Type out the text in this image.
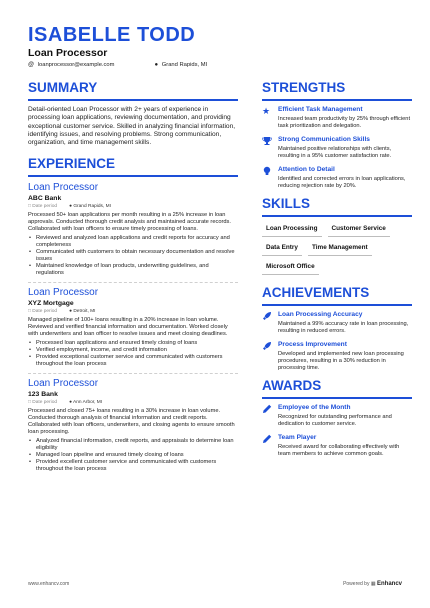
ISABELLE TODD
Loan Processor
@ loanprocessor@example.com	● Grand Rapids, MI
SUMMARY
Detail-oriented Loan Processor with 2+ years of experience in processing loan applications, reviewing documentation, and providing exceptional customer service. Skilled in analyzing financial information, identifying issues, and resolving problems. Strong communication, organization, and time management skills.
EXPERIENCE
Loan Processor
ABC Bank
□ Date period	● Grand Rapids, MI
Processed 50+ loan applications per month resulting in a 25% increase in loan approvals. Conducted thorough credit analysis and maintained accurate records. Collaborated with loan officers to ensure timely processing of loans.
• Reviewed and analyzed loan applications and credit reports for accuracy and completeness
• Communicated with customers to obtain necessary documentation and resolve issues
• Maintained knowledge of loan products, underwriting guidelines, and regulations
Loan Processor
XYZ Mortgage
□ Date period	● Detroit, MI
Managed pipeline of 100+ loans resulting in a 20% increase in loan volume. Reviewed and verified financial information and documentation. Worked closely with underwriters and loan officer to resolve issues and meet closing deadlines.
• Processed loan applications and ensured timely closing of loans
• Verified employment, income, and credit information
• Provided exceptional customer service and communicated with customers throughout the loan process
Loan Processor
123 Bank
□ Date period	● Ann Arbor, MI
Processed and closed 75+ loans resulting in a 30% increase in loan volume. Conducted thorough analysis of financial information and credit reports. Collaborated with loan officers, underwriters, and closing agents to ensure smooth loan processing.
• Analyzed financial information, credit reports, and appraisals to determine loan eligibility
• Managed loan pipeline and ensured timely closing of loans
• Provided excellent customer service and communicated with customers throughout the loan process
STRENGTHS
★	Efficient Task Management
Increased team productivity by 25% through efficient task prioritization and delegation.
Strong Communication Skills
Maintained positive relationships with clients, resulting in a 95% customer satisfaction rate.
Attention to Detail
Identified and corrected errors in loan applications, reducing rejection rate by 20%.
SKILLS
Loan Processing	Customer Service
Data Entry	Time Management
Microsoft Office
ACHIEVEMENTS
Loan Processing Accuracy
Maintained a 99% accuracy rate in loan processing, resulting in reduced errors.
Process Improvement
Developed and implemented new loan processing procedures, resulting in a 30% reduction in processing time.
AWARDS
Employee of the Month
Recognized for outstanding performance and dedication to customer service.
Team Player
Received award for collaborating effectively with team members to achieve common goals.
www.enhancv.com	Powered by ▦ Enhancv
